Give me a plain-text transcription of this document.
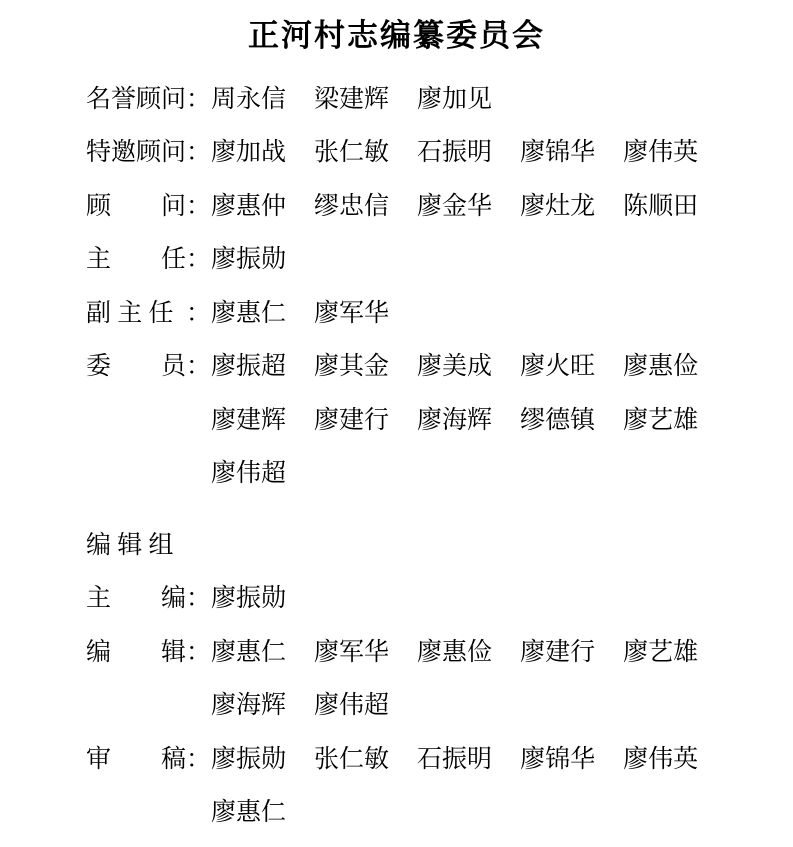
正河村志编纂委员会
名誉顾问 ： 周永信 梁建辉 廖加见
特邀顾问 ： 廖加战 张仁敏 石振明 廖锦华 廖伟英
顾　　问 ： 廖惠仲 缪忠信 廖金华 廖灶龙 陈顺田
主　　任 ： 廖振勋
副 主 任 ： 廖惠仁 廖军华
委　　员 ： 廖振超 廖其金 廖美成 廖火旺 廖惠俭
廖建辉 廖建行 廖海辉 缪德镇 廖艺雄
廖伟超
编 辑 组
主　　编 ： 廖振勋
编　　辑 ： 廖惠仁 廖军华 廖惠俭 廖建行 廖艺雄
廖海辉 廖伟超
审　　稿 ： 廖振勋 张仁敏 石振明 廖锦华 廖伟英
廖惠仁
